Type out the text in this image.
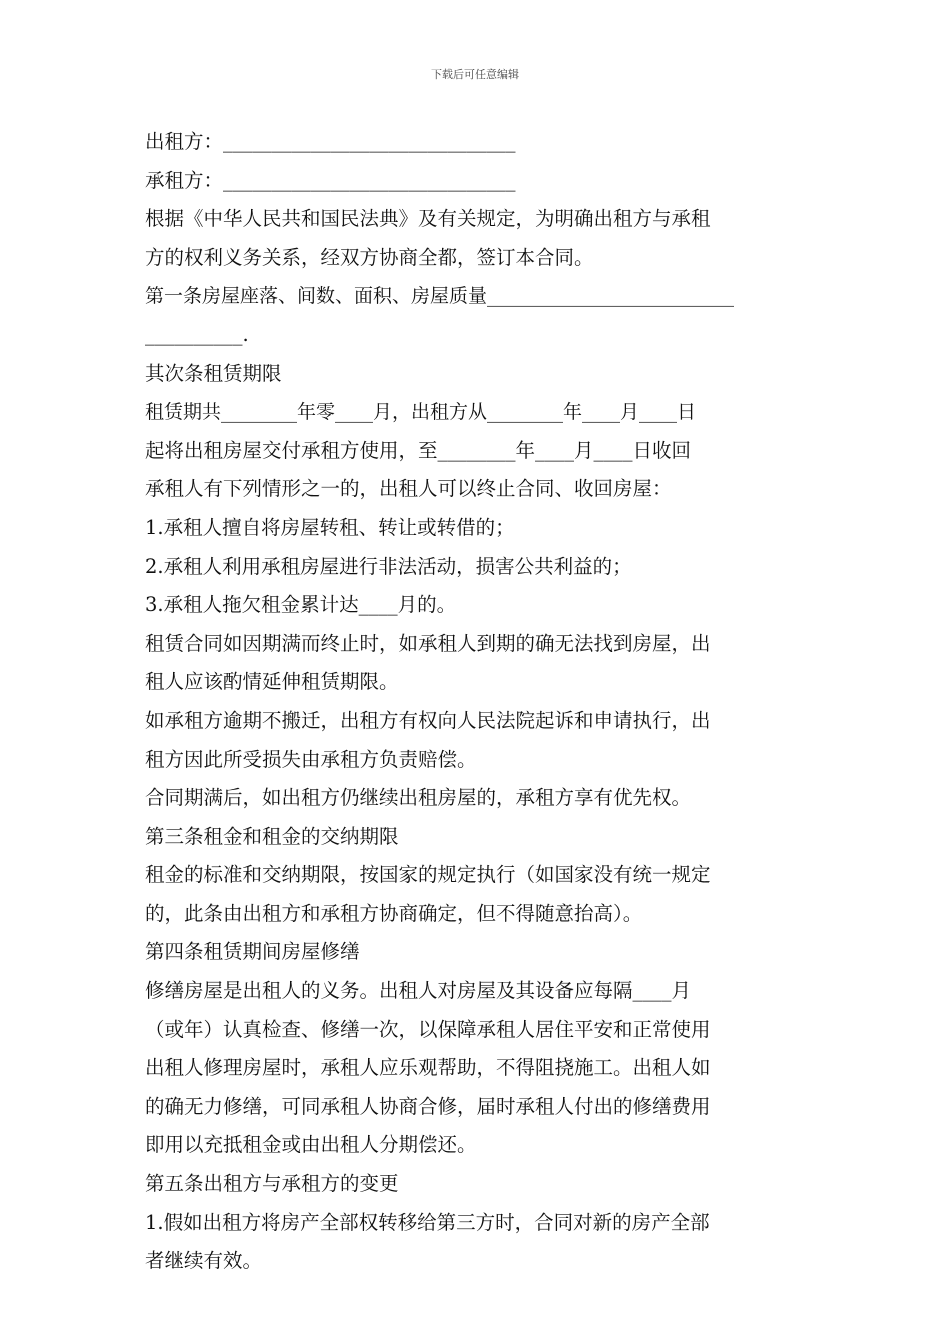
下载后可任意编辑
出租方：______________________________
承租方：______________________________
根据《中华人民共和国民法典》及有关规定，为明确出租方与承租
方的权利义务关系，经双方协商全都，签订本合同。
第一条房屋座落、间数、面积、房屋质量__________________________
__________.
其次条租赁期限
租赁期共________年零____月，出租方从________年____月____日
起将出租房屋交付承租方使用，至________年____月____日收回
承租人有下列情形之一的，出租人可以终止合同、收回房屋：
1.承租人擅自将房屋转租、转让或转借的；
2.承租人利用承租房屋进行非法活动，损害公共利益的；
3.承租人拖欠租金累计达____月的。
租赁合同如因期满而终止时，如承租人到期的确无法找到房屋，出
租人应该酌情延伸租赁期限。
如承租方逾期不搬迁，出租方有权向人民法院起诉和申请执行，出
租方因此所受损失由承租方负责赔偿。
合同期满后，如出租方仍继续出租房屋的，承租方享有优先权。
第三条租金和租金的交纳期限
租金的标准和交纳期限，按国家的规定执行（如国家没有统一规定
的，此条由出租方和承租方协商确定，但不得随意抬高）。
第四条租赁期间房屋修缮
修缮房屋是出租人的义务。出租人对房屋及其设备应每隔____月
（或年）认真检查、修缮一次，以保障承租人居住平安和正常使用
出租人修理房屋时，承租人应乐观帮助，不得阻挠施工。出租人如
的确无力修缮，可同承租人协商合修，届时承租人付出的修缮费用
即用以充抵租金或由出租人分期偿还。
第五条出租方与承租方的变更
1.假如出租方将房产全部权转移给第三方时，合同对新的房产全部
者继续有效。
